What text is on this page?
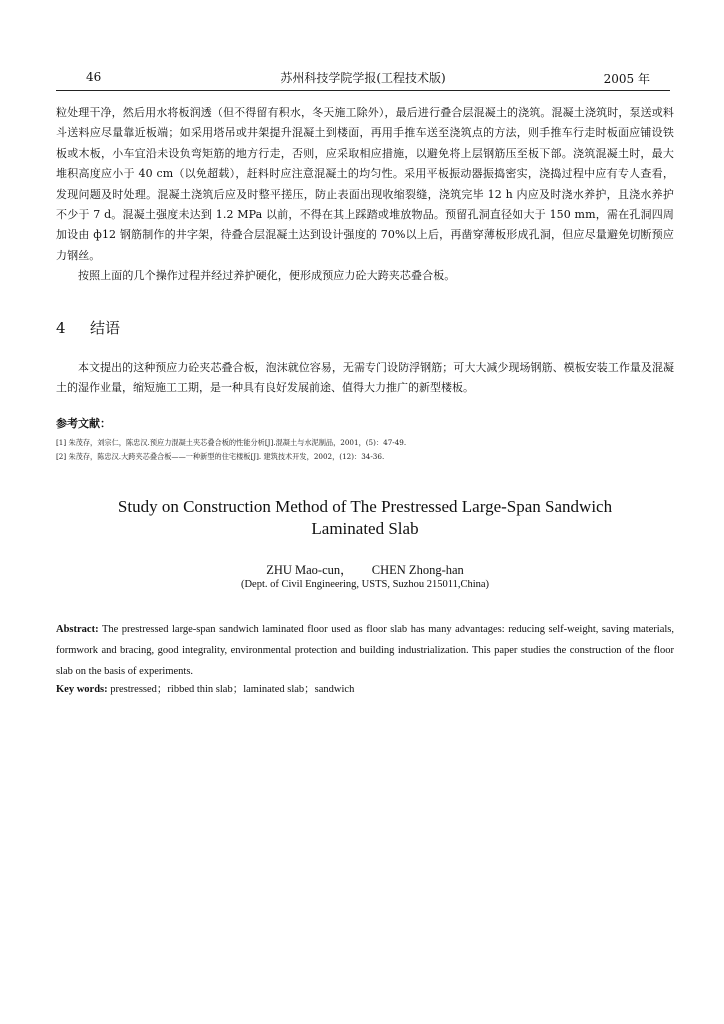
46	苏州科技学院学报(工程技术版)	2005 年

粒处理干净，然后用水将板润透（但不得留有积水，冬天施工除外），最后进行叠合层混凝土的浇筑。混凝土浇筑时，泵送或料斗送料应尽量靠近板端；如采用塔吊或井架提升混凝土到楼面，再用手推车送至浇筑点的方法，则手推车行走时板面应铺设铁板或木板，小车宜沿未设负弯矩筋的地方行走，否则，应采取相应措施，以避免将上层钢筋压至板下部。浇筑混凝土时，最大堆积高度应小于 40 cm（以免超载），赶料时应注意混凝土的均匀性。采用平板振动器振捣密实，浇捣过程中应有专人查看，发现问题及时处理。混凝土浇筑后应及时整平搓压，防止表面出现收缩裂缝，浇筑完毕 12 h 内应及时浇水养护，且浇水养护不少于 7 d。混凝土强度未达到 1.2 MPa 以前，不得在其上踩踏或堆放物品。预留孔洞直径如大于 150 mm，需在孔洞四周加设由 ф12 钢筋制作的井字架，待叠合层混凝土达到设计强度的 70%以上后，再凿穿薄板形成孔洞，但应尽量避免切断预应力钢丝。

按照上面的几个操作过程并经过养护硬化，便形成预应力砼大跨夹芯叠合板。

4 结语

本文提出的这种预应力砼夹芯叠合板，泡沫就位容易，无需专门设防浮钢筋；可大大减少现场钢筋、模板安装工作量及混凝土的湿作业量，缩短施工工期，是一种具有良好发展前途、值得大力推广的新型楼板。

参考文献：
[1] 朱茂存，刘宗仁，陈忠汉.预应力混凝土夹芯叠合板的性能分析[J].混凝土与水泥制品，2001，(5)：47-49.
[2] 朱茂存，陈忠汉.大跨夹芯叠合板——一种新型的住宅楼板[J]. 建筑技术开发，2002，(12)：34-36.
Study on Construction Method of The Prestressed Large-Span Sandwich
Laminated Slab
ZHU Mao-cun， CHEN Zhong-han
(Dept. of Civil Engineering, USTS, Suzhou 215011,China)
Abstract: The prestressed large-span sandwich laminated floor used as floor slab has many advantages: reducing self-weight, saving materials, formwork and bracing, good integrality, environmental protection and building industrialization. This paper studies the construction of the floor slab on the basis of experiments.
Key words: prestressed；ribbed thin slab；laminated slab；sandwich
